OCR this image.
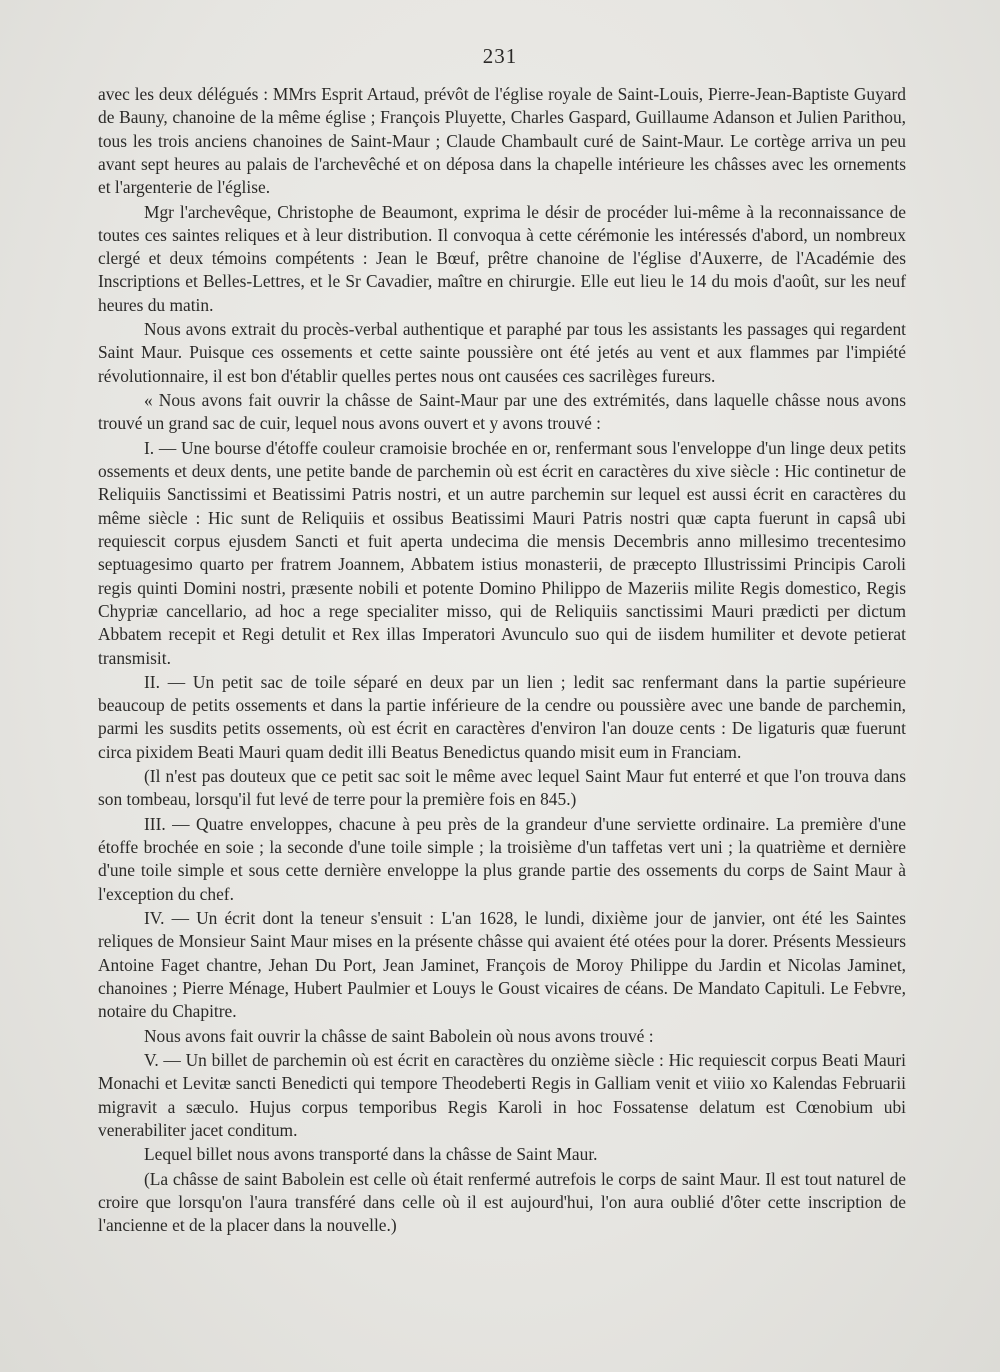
231

avec les deux délégués : MMrs Esprit Artaud, prévôt de l'église royale de Saint-Louis, Pierre-Jean-Baptiste Guyard de Bauny, chanoine de la même église ; François Pluyette, Charles Gaspard, Guillaume Adanson et Julien Parithou, tous les trois anciens chanoines de Saint-Maur ; Claude Chambault curé de Saint-Maur. Le cortège arriva un peu avant sept heures au palais de l'archevêché et on déposa dans la chapelle intérieure les châsses avec les ornements et l'argenterie de l'église.

Mgr l'archevêque, Christophe de Beaumont, exprima le désir de procéder lui-même à la reconnaissance de toutes ces saintes reliques et à leur distribution. Il convoqua à cette cérémonie les intéressés d'abord, un nombreux clergé et deux témoins compétents : Jean le Bœuf, prêtre chanoine de l'église d'Auxerre, de l'Académie des Inscriptions et Belles-Lettres, et le Sr Cavadier, maître en chirurgie. Elle eut lieu le 14 du mois d'août, sur les neuf heures du matin.

Nous avons extrait du procès-verbal authentique et paraphé par tous les assistants les passages qui regardent Saint Maur. Puisque ces ossements et cette sainte poussière ont été jetés au vent et aux flammes par l'impiété révolutionnaire, il est bon d'établir quelles pertes nous ont causées ces sacrilèges fureurs.

« Nous avons fait ouvrir la châsse de Saint-Maur par une des extrémités, dans laquelle châsse nous avons trouvé un grand sac de cuir, lequel nous avons ouvert et y avons trouvé :

I. — Une bourse d'étoffe couleur cramoisie brochée en or, renfermant sous l'enveloppe d'un linge deux petits ossements et deux dents, une petite bande de parchemin où est écrit en caractères du xive siècle : Hic continetur de Reliquiis Sanctissimi et Beatissimi Patris nostri, et un autre parchemin sur lequel est aussi écrit en caractères du même siècle : Hic sunt de Reliquiis et ossibus Beatissimi Mauri Patris nostri quæ capta fuerunt in capsâ ubi requiescit corpus ejusdem Sancti et fuit aperta undecima die mensis Decembris anno millesimo trecentesimo septuagesimo quarto per fratrem Joannem, Abbatem istius monasterii, de præcepto Illustrissimi Principis Caroli regis quinti Domini nostri, præsente nobili et potente Domino Philippo de Mazeriis milite Regis domestico, Regis Chypriæ cancellario, ad hoc a rege specialiter misso, qui de Reliquiis sanctissimi Mauri prædicti per dictum Abbatem recepit et Regi detulit et Rex illas Imperatori Avunculo suo qui de iisdem humiliter et devote petierat transmisit.

II. — Un petit sac de toile séparé en deux par un lien ; ledit sac renfermant dans la partie supérieure beaucoup de petits ossements et dans la partie inférieure de la cendre ou poussière avec une bande de parchemin, parmi les susdits petits ossements, où est écrit en caractères d'environ l'an douze cents : De ligaturis quæ fuerunt circa pixidem Beati Mauri quam dedit illi Beatus Benedictus quando misit eum in Franciam.

(Il n'est pas douteux que ce petit sac soit le même avec lequel Saint Maur fut enterré et que l'on trouva dans son tombeau, lorsqu'il fut levé de terre pour la première fois en 845.)

III. — Quatre enveloppes, chacune à peu près de la grandeur d'une serviette ordinaire. La première d'une étoffe brochée en soie ; la seconde d'une toile simple ; la troisième d'un taffetas vert uni ; la quatrième et dernière d'une toile simple et sous cette dernière enveloppe la plus grande partie des ossements du corps de Saint Maur à l'exception du chef.

IV. — Un écrit dont la teneur s'ensuit : L'an 1628, le lundi, dixième jour de janvier, ont été les Saintes reliques de Monsieur Saint Maur mises en la présente châsse qui avaient été otées pour la dorer. Présents Messieurs Antoine Faget chantre, Jehan Du Port, Jean Jaminet, François de Moroy Philippe du Jardin et Nicolas Jaminet, chanoines ; Pierre Ménage, Hubert Paulmier et Louys le Goust vicaires de céans. De Mandato Capituli. Le Febvre, notaire du Chapitre.

Nous avons fait ouvrir la châsse de saint Babolein où nous avons trouvé :

V. — Un billet de parchemin où est écrit en caractères du onzième siècle : Hic requiescit corpus Beati Mauri Monachi et Levitæ sancti Benedicti qui tempore Theodeberti Regis in Galliam venit et viiio xo Kalendas Februarii migravit a sæculo. Hujus corpus temporibus Regis Karoli in hoc Fossatense delatum est Cœnobium ubi venerabiliter jacet conditum.

Lequel billet nous avons transporté dans la châsse de Saint Maur.

(La châsse de saint Babolein est celle où était renfermé autrefois le corps de saint Maur. Il est tout naturel de croire que lorsqu'on l'aura transféré dans celle où il est aujourd'hui, l'on aura oublié d'ôter cette inscription de l'ancienne et de la placer dans la nouvelle.)
